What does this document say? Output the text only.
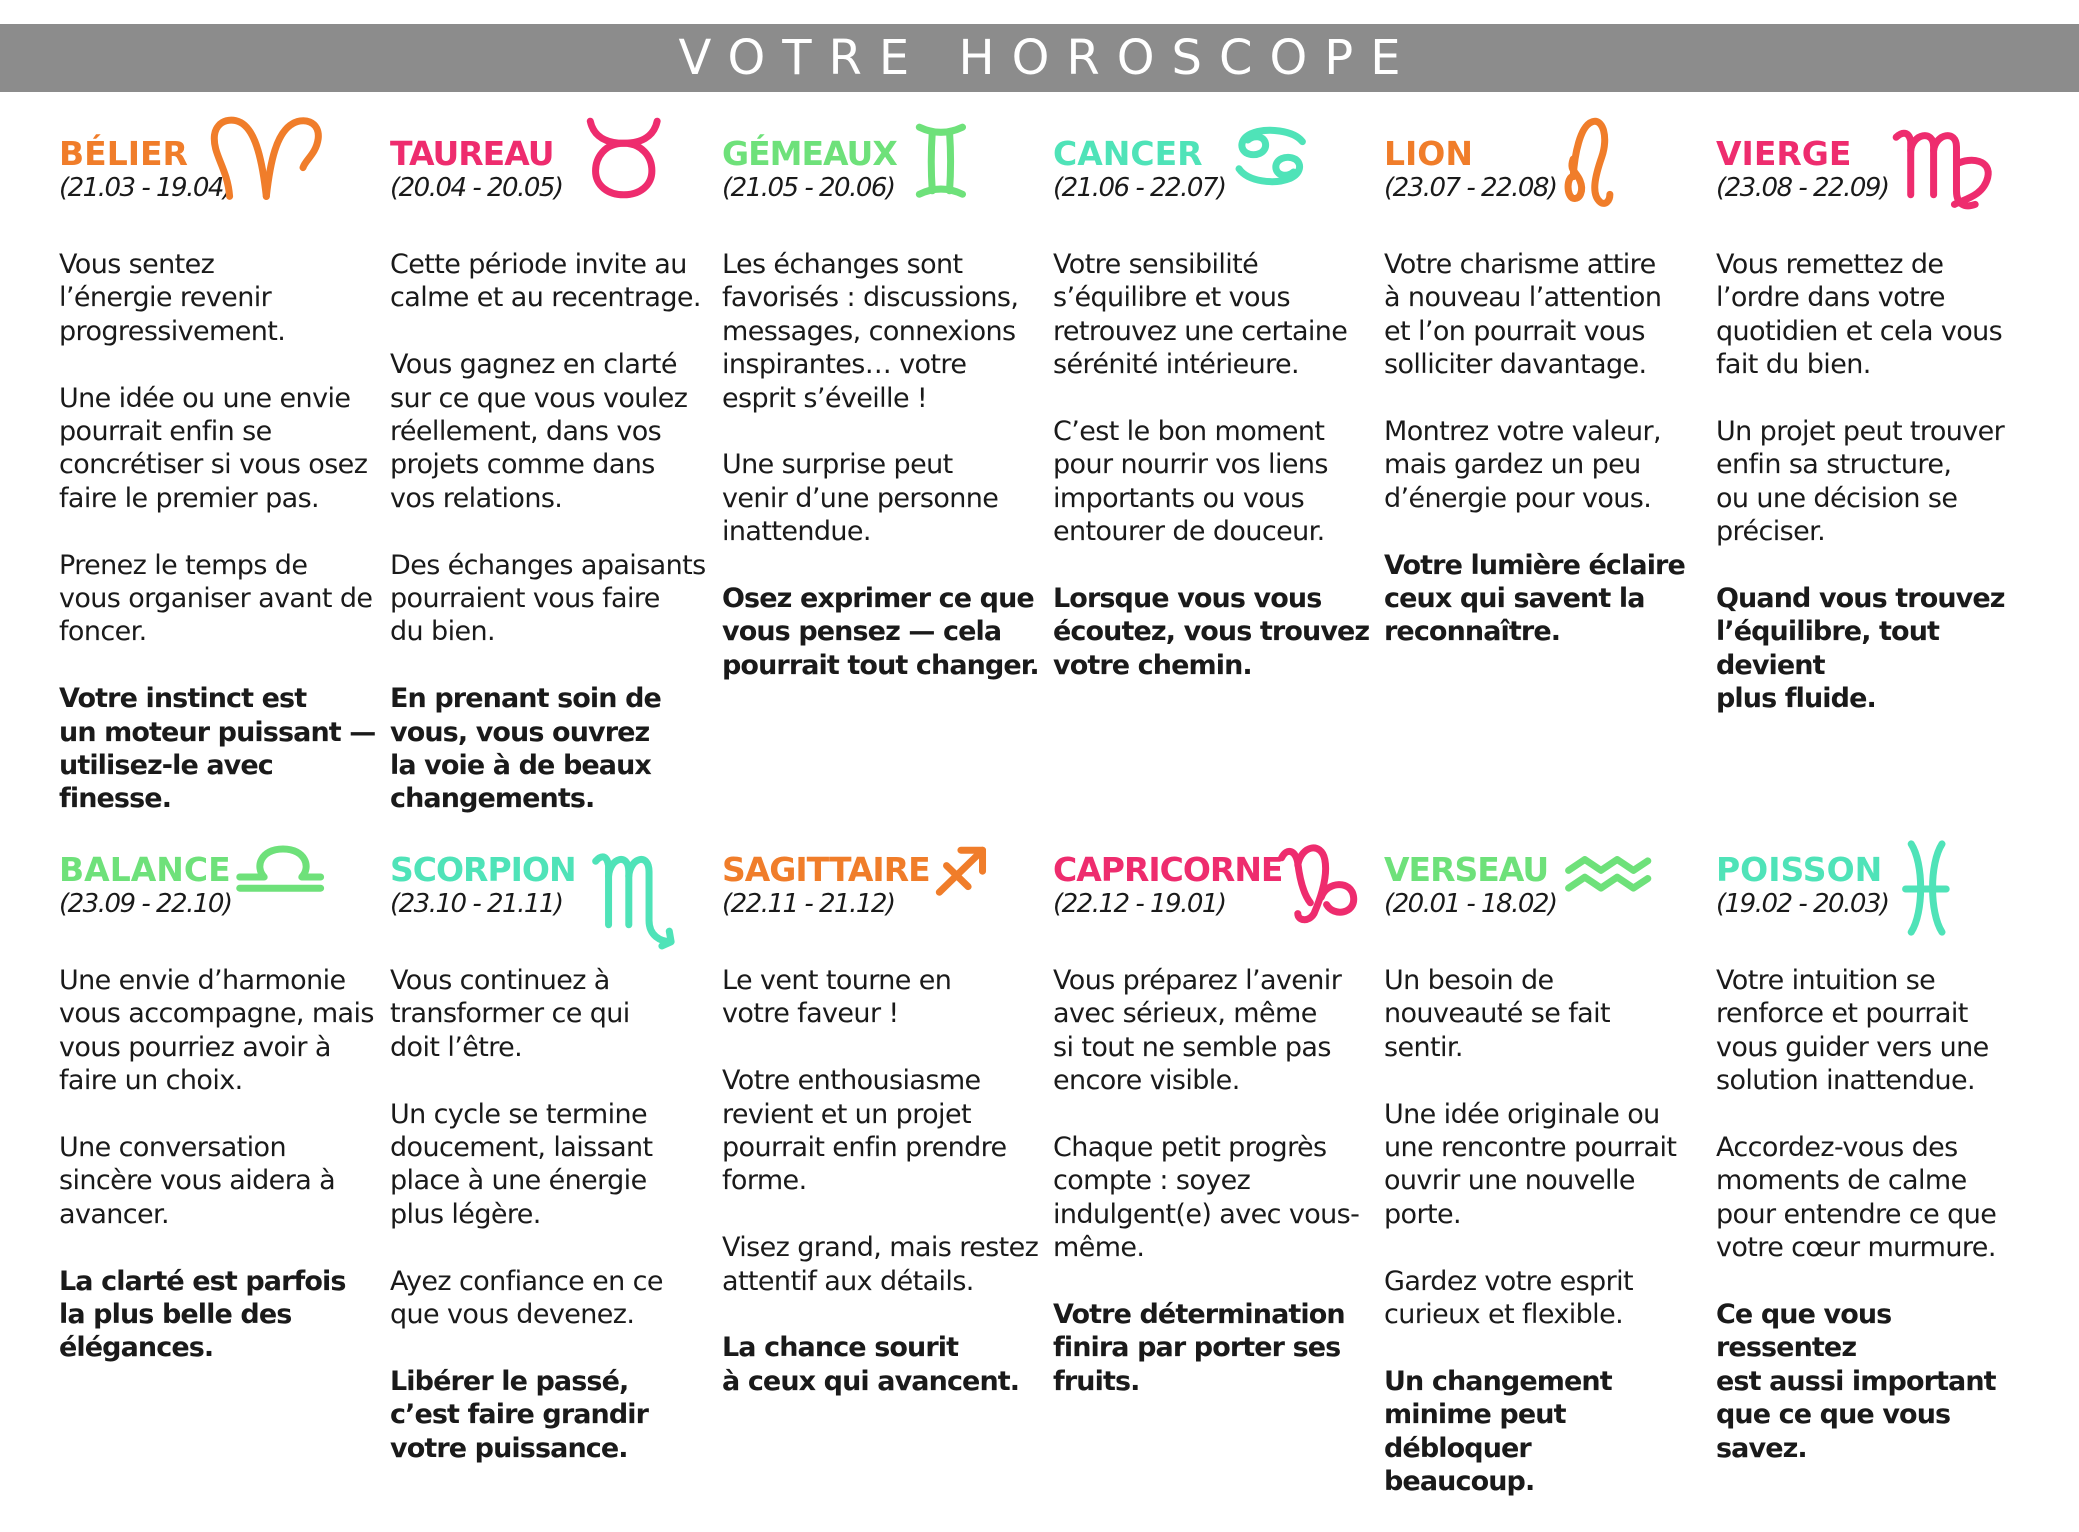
VOTRE HOROSCOPE
BÉLIER
(21.03 - 19.04)

Vous sentez
l’énergie revenir
progressivement.

Une idée ou une envie
pourrait enfin se
concrétiser si vous osez
faire le premier pas.

Prenez le temps de
vous organiser avant de
foncer.

Votre instinct est
un moteur puissant —
utilisez-le avec finesse.

TAUREAU
(20.04 - 20.05)

Cette période invite au
calme et au recentrage.

Vous gagnez en clarté
sur ce que vous voulez
réellement, dans vos
projets comme dans
vos relations.

Des échanges apaisants
pourraient vous faire
du bien.

En prenant soin de
vous, vous ouvrez
la voie à de beaux
changements.

GÉMEAUX
(21.05 - 20.06)

Les échanges sont
favorisés : discussions,
messages, connexions
inspirantes… votre
esprit s’éveille !

Une surprise peut
venir d’une personne
inattendue.

Osez exprimer ce que
vous pensez — cela
pourrait tout changer.

CANCER
(21.06 - 22.07)

Votre sensibilité
s’équilibre et vous
retrouvez une certaine
sérénité intérieure.

C’est le bon moment
pour nourrir vos liens
importants ou vous
entourer de douceur.

Lorsque vous vous
écoutez, vous trouvez
votre chemin.

LION
(23.07 - 22.08)

Votre charisme attire
à nouveau l’attention
et l’on pourrait vous
solliciter davantage.

Montrez votre valeur,
mais gardez un peu
d’énergie pour vous.

Votre lumière éclaire
ceux qui savent la
reconnaître.

VIERGE
(23.08 - 22.09)

Vous remettez de
l’ordre dans votre
quotidien et cela vous
fait du bien.

Un projet peut trouver
enfin sa structure,
ou une décision se
préciser.

Quand vous trouvez
l’équilibre, tout devient
plus fluide.

BALANCE
(23.09 - 22.10)

Une envie d’harmonie
vous accompagne, mais
vous pourriez avoir à
faire un choix.

Une conversation
sincère vous aidera à
avancer.

La clarté est parfois
la plus belle des
élégances.

SCORPION
(23.10 - 21.11)

Vous continuez à
transformer ce qui
doit l’être.

Un cycle se termine
doucement, laissant
place à une énergie
plus légère.

Ayez confiance en ce
que vous devenez.

Libérer le passé,
c’est faire grandir
votre puissance.

SAGITTAIRE
(22.11 - 21.12)

Le vent tourne en
votre faveur !

Votre enthousiasme
revient et un projet
pourrait enfin prendre
forme.

Visez grand, mais restez
attentif aux détails.

La chance sourit
à ceux qui avancent.

CAPRICORNE
(22.12 - 19.01)

Vous préparez l’avenir
avec sérieux, même
si tout ne semble pas
encore visible.

Chaque petit progrès
compte : soyez
indulgent(e) avec vous-
même.

Votre détermination
finira par porter ses
fruits.

VERSEAU
(20.01 - 18.02)

Un besoin de
nouveauté se fait
sentir.

Une idée originale ou
une rencontre pourrait
ouvrir une nouvelle
porte.

Gardez votre esprit
curieux et flexible.

Un changement
minime peut débloquer
beaucoup.

POISSON
(19.02 - 20.03)

Votre intuition se
renforce et pourrait
vous guider vers une
solution inattendue.

Accordez-vous des
moments de calme
pour entendre ce que
votre cœur murmure.

Ce que vous ressentez
est aussi important
que ce que vous savez.
